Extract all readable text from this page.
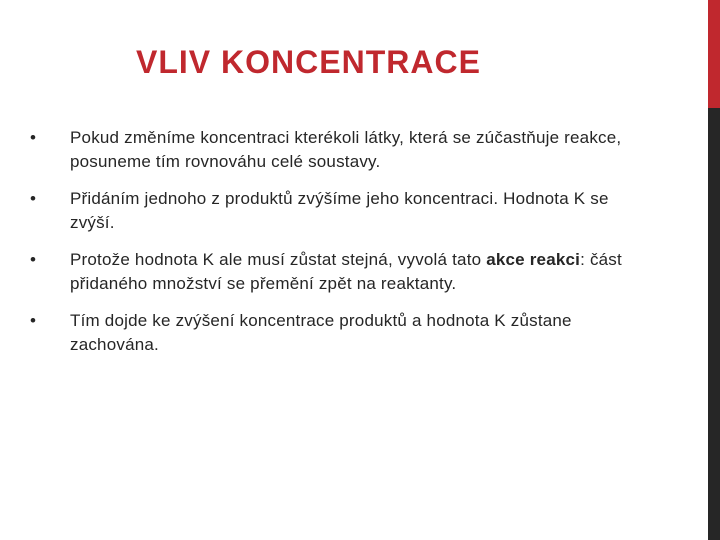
VLIV KONCENTRACE
•	Pokud změníme koncentraci kterékoli látky, která se zúčastňuje reakce, posuneme tím rovnováhu celé soustavy.
•	Přidáním jednoho z produktů zvýšíme jeho koncentraci. Hodnota K se zvýší.
•	Protože hodnota K ale musí zůstat stejná, vyvolá tato akce reakci: část přidaného množství se přemění zpět na reaktanty.
•	Tím dojde ke zvýšení koncentrace produktů a hodnota K zůstane zachována.
